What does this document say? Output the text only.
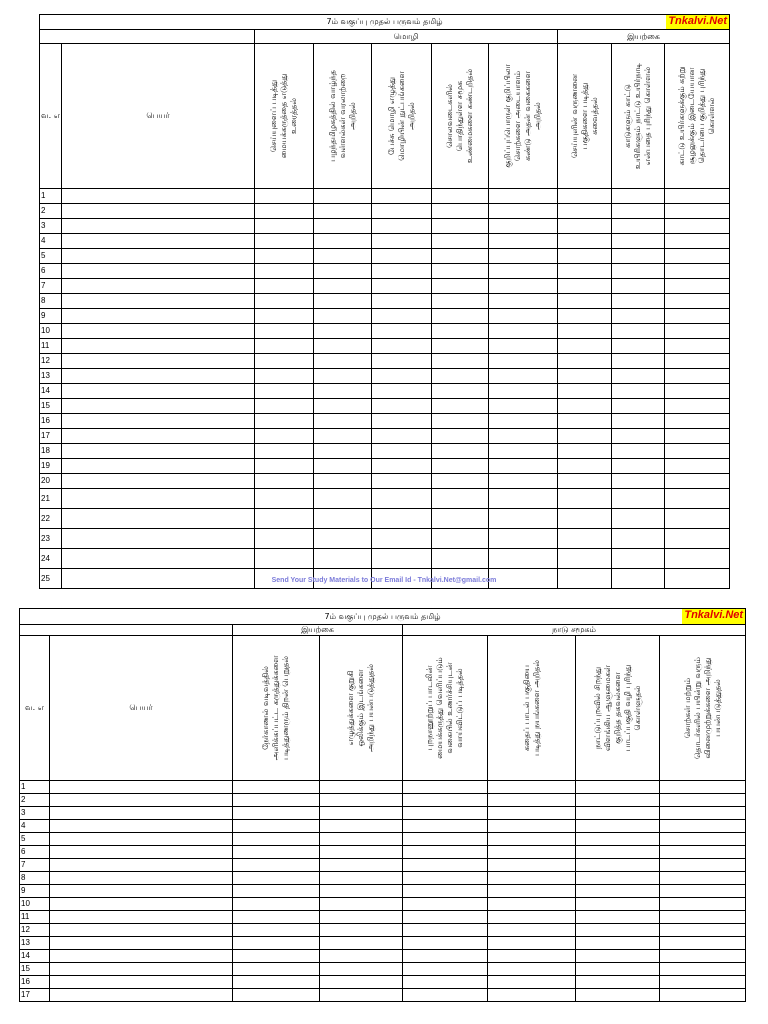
Tnkalvi.Net
Tnkalvi.Net
7ம் வகுப்பு முதல் பருவம் தமிழ் Tnkalvi.Net									

		மொழி					இயற்கை		
வ. எ	பெயர்	செய்யுளைப் படித்து
மையக்கருத்தை எடுத்து
உரைத்தல்	பழந்தமிழகத்தில் வாழ்ந்த
வள்ளல்கள் வரலாற்றை
அறிதல்	பேச்சு மொழி எழுத்து
மொழியின் நுட்பங்களை
அறிதல்	சொலவடைகளில்
பொதிந்துள்ள சமூக
உண்மைகளை கண்டறிதல்	குறிப்புப்பொருள் குறிப்பிலா
சொற்களை அடையாளம்
கண்டு அதன் வகைகளை
அறிதல்	செய்யுளின் வருணனை
பகுதிகளை படித்து
சுவைத்தல்	காடுகளும் காட்டு
உயிரிகளும் நாட்டு உயிர்நாடி
என்பதை புரிந்து கொள்ளல்	காட்டு உயிர்களுக்கும் கற்று
சூழலுக்கும் இடையேயான
தொடர்பை குறித்து புரிந்து
கொள்ளல்

1									
2									
3									
4									
5									
6									
7									
8									
9									
10									
11									
12									
13									
14									
15									
16									
17									
18									
19									
20									
21									
22									
23									
24									
25										Send Your Study Materials to Our Email Id - Tnkalvi.Net@gmail.com
7ம் வகுப்பு முதல் பருவம் தமிழ் Tnkalvi.Net							

		இயற்கை		நாடு சமூகம்			
வ. எ	பெயர்	நேர்காணல் வடிவத்தில்
அளிக்கப்பட்ட கருத்துக்களை
படித்துணரும் திறன் பெறுதல்	எழுத்துக்களை குறுகி
ஒலிக்கும் இடங்களை
அறிந்து பயன்படுத்துதல்	புறநானூற்றுப் பாடலின்
மையக்கருத்து வெளிப்படும்
வகையில் உணர்ச்சியுடன்
வாய்விட்டுப் படித்தல்	கதைப் பாடல் பகுதியை
படித்து நயங்களை அறிதல்	நாட்டுப்புறவில் சிறந்து
விளங்கிய ஆளுமைகள்
குறித்த தகவல்களை
பாடப்பகுதி வழி புரிந்து
கொள்ளுதல்	சொற்கள் மற்றும்
தொடர்களில் பயின்று வரும்
வினைமுற்றுக்களை அறிந்து
பயன்படுத்துதல்

1							
2							
3							
4							
5							
6							
7							
8							
9							
10							
11							
12							
13							
14							
15							
16							
17							
